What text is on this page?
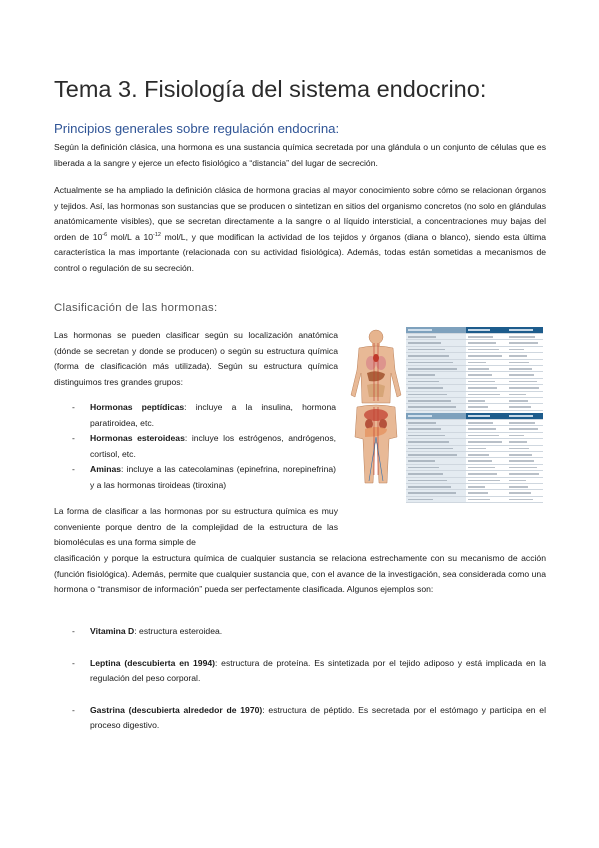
Tema 3. Fisiología del sistema endocrino:
Principios generales sobre regulación endocrina:

Según la definición clásica, una hormona es una sustancia química secretada por una glándula o un conjunto de células que es liberada a la sangre y ejerce un efecto fisiológico a “distancia” del lugar de secreción.

Actualmente se ha ampliado la definición clásica de hormona gracias al mayor conocimiento sobre cómo se relacionan órganos y tejidos. Así, las hormonas son sustancias que se producen o sintetizan en sitios del organismo concretos (no solo en glándulas anatómicamente visibles), que se secretan directamente a la sangre o al líquido intersticial, a concentraciones muy bajas del orden de $10^{-6}$ mol/L a $10^{-12}$ mol/L, y que modifican la actividad de los tejidos y órganos (diana o blanco), siendo esta última característica la mas importante (relacionada con su actividad fisiológica). Además, todas están sometidas a mecanismos de control o regulación de su secreción.

Clasificación de las hormonas:

Las hormonas se pueden clasificar según su localización anatómica (dónde se secretan y donde se producen) o según su estructura química (forma de clasificación más utilizada). Según su estructura química distinguimos tres grandes grupos:

- Hormonas peptídicas: incluye a la insulina, hormona paratiroidea, etc.
- Hormonas esteroideas: incluye los estrógenos, andrógenos, cortisol, etc.
- Aminas: incluye a las catecolaminas (epinefrina, norepinefrina) y a las hormonas tiroideas (tiroxina)

La forma de clasificar a las hormonas por su estructura química es muy conveniente porque dentro de la complejidad de la estructura de las biomoléculas es una forma simple de

clasificación y porque la estructura química de cualquier sustancia se relaciona estrechamente con su mecanismo de acción (función fisiológica). Además, permite que cualquier sustancia que, con el avance de la investigación, sea considerada como una hormona o “transmisor de información” pueda ser perfectamente clasificada. Algunos ejemplos son:

- Vitamina D: estructura esteroidea.
- Leptina (descubierta en 1994): estructura de proteína. Es sintetizada por el tejido adiposo y está implicada en la regulación del peso corporal.
- Gastrina (descubierta alrededor de 1970): estructura de péptido. Es secretada por el estómago y participa en el proceso digestivo.
